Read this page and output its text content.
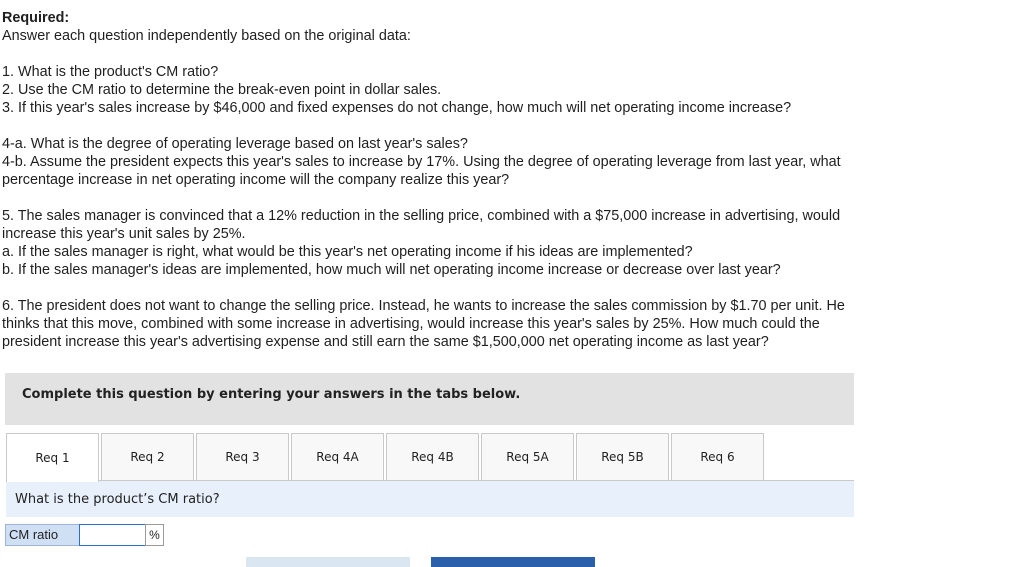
Required:
Answer each question independently based on the original data:
1. What is the product's CM ratio?
2. Use the CM ratio to determine the break-even point in dollar sales.
3. If this year's sales increase by $46,000 and fixed expenses do not change, how much will net operating income increase?
4-a. What is the degree of operating leverage based on last year's sales?
4-b. Assume the president expects this year's sales to increase by 17%. Using the degree of operating leverage from last year, what
percentage increase in net operating income will the company realize this year?
5. The sales manager is convinced that a 12% reduction in the selling price, combined with a $75,000 increase in advertising, would
increase this year's unit sales by 25%.
a. If the sales manager is right, what would be this year's net operating income if his ideas are implemented?
b. If the sales manager's ideas are implemented, how much will net operating income increase or decrease over last year?
6. The president does not want to change the selling price. Instead, he wants to increase the sales commission by $1.70 per unit. He
thinks that this move, combined with some increase in advertising, would increase this year's sales by 25%. How much could the
president increase this year's advertising expense and still earn the same $1,500,000 net operating income as last year?
Complete this question by entering your answers in the tabs below.
Req 1	Req 2	Req 3	Req 4A	Req 4B	Req 5A	Req 5B	Req 6
What is the product’s CM ratio?
CM ratio	%
